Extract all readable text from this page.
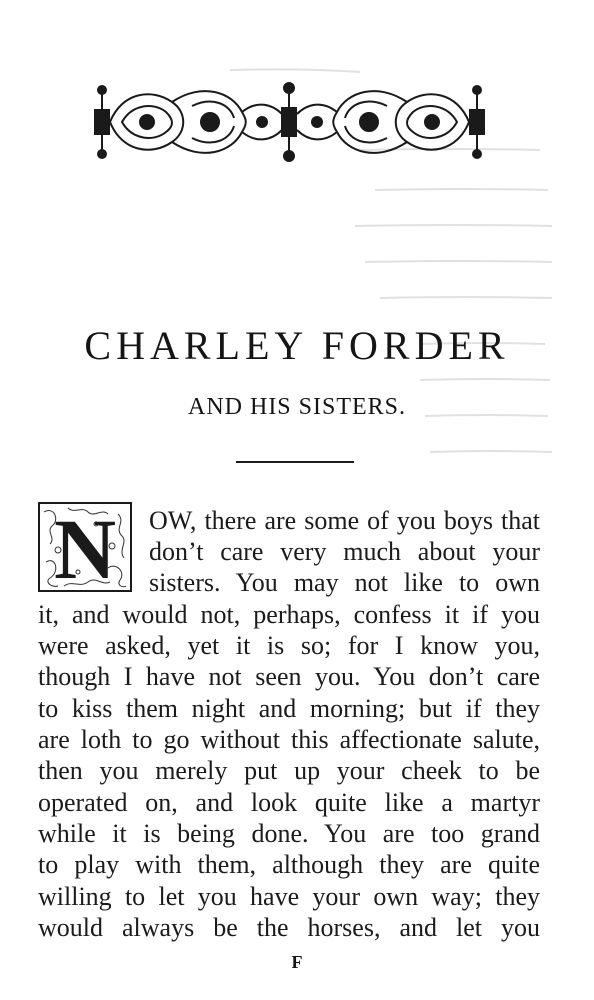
CHARLEY FORDER
AND HIS SISTERS.
N OW, there are some of you boys that
don’t care very much about your
sisters. You may not like to own
it, and would not, perhaps, confess it if you
were asked, yet it is so; for I know you,
though I have not seen you. You don’t care
to kiss them night and morning; but if they
are loth to go without this affectionate salute,
then you merely put up your cheek to be
operated on, and look quite like a martyr
while it is being done. You are too grand
to play with them, although they are quite
willing to let you have your own way; they
would always be the horses, and let you
F
